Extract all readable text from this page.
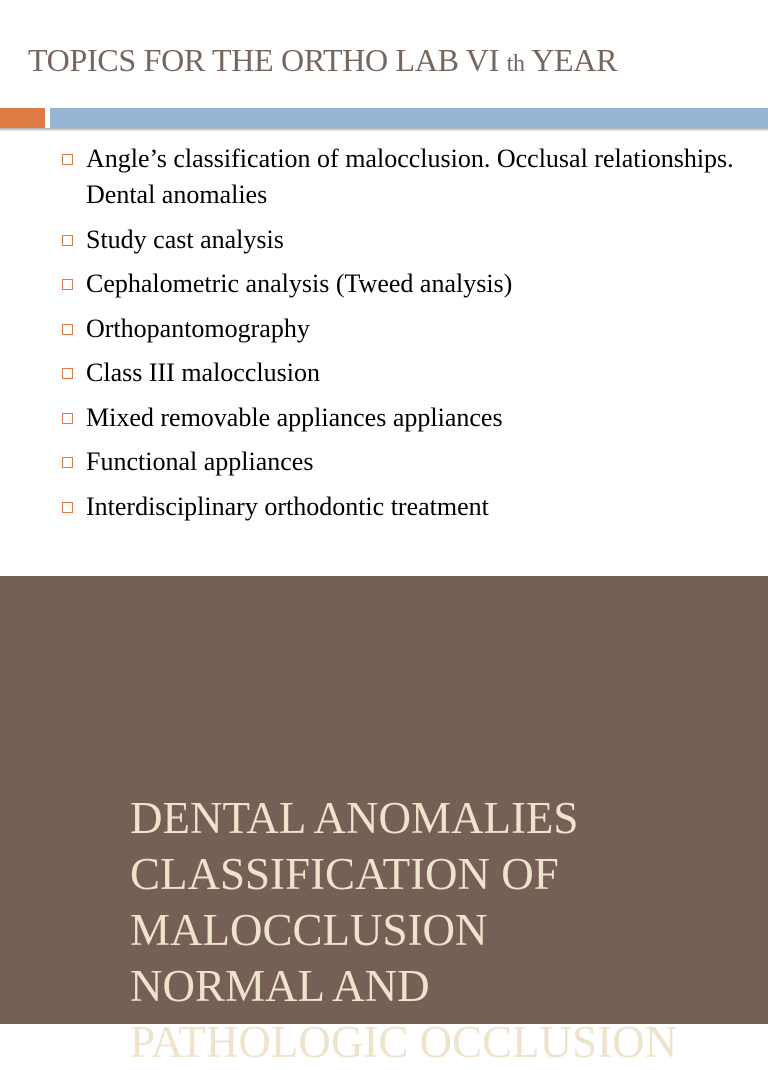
TOPICS FOR THE ORTHO LAB VI th YEAR
Angle’s classification of malocclusion. Occlusal relationships. Dental anomalies
Study cast analysis
Cephalometric analysis (Tweed analysis)
Orthopantomography
Class III malocclusion
Mixed removable appliances appliances
Functional appliances
Interdisciplinary orthodontic treatment
DENTAL ANOMALIES
CLASSIFICATION OF
MALOCCLUSION
NORMAL AND
PATHOLOGIC OCCLUSION
